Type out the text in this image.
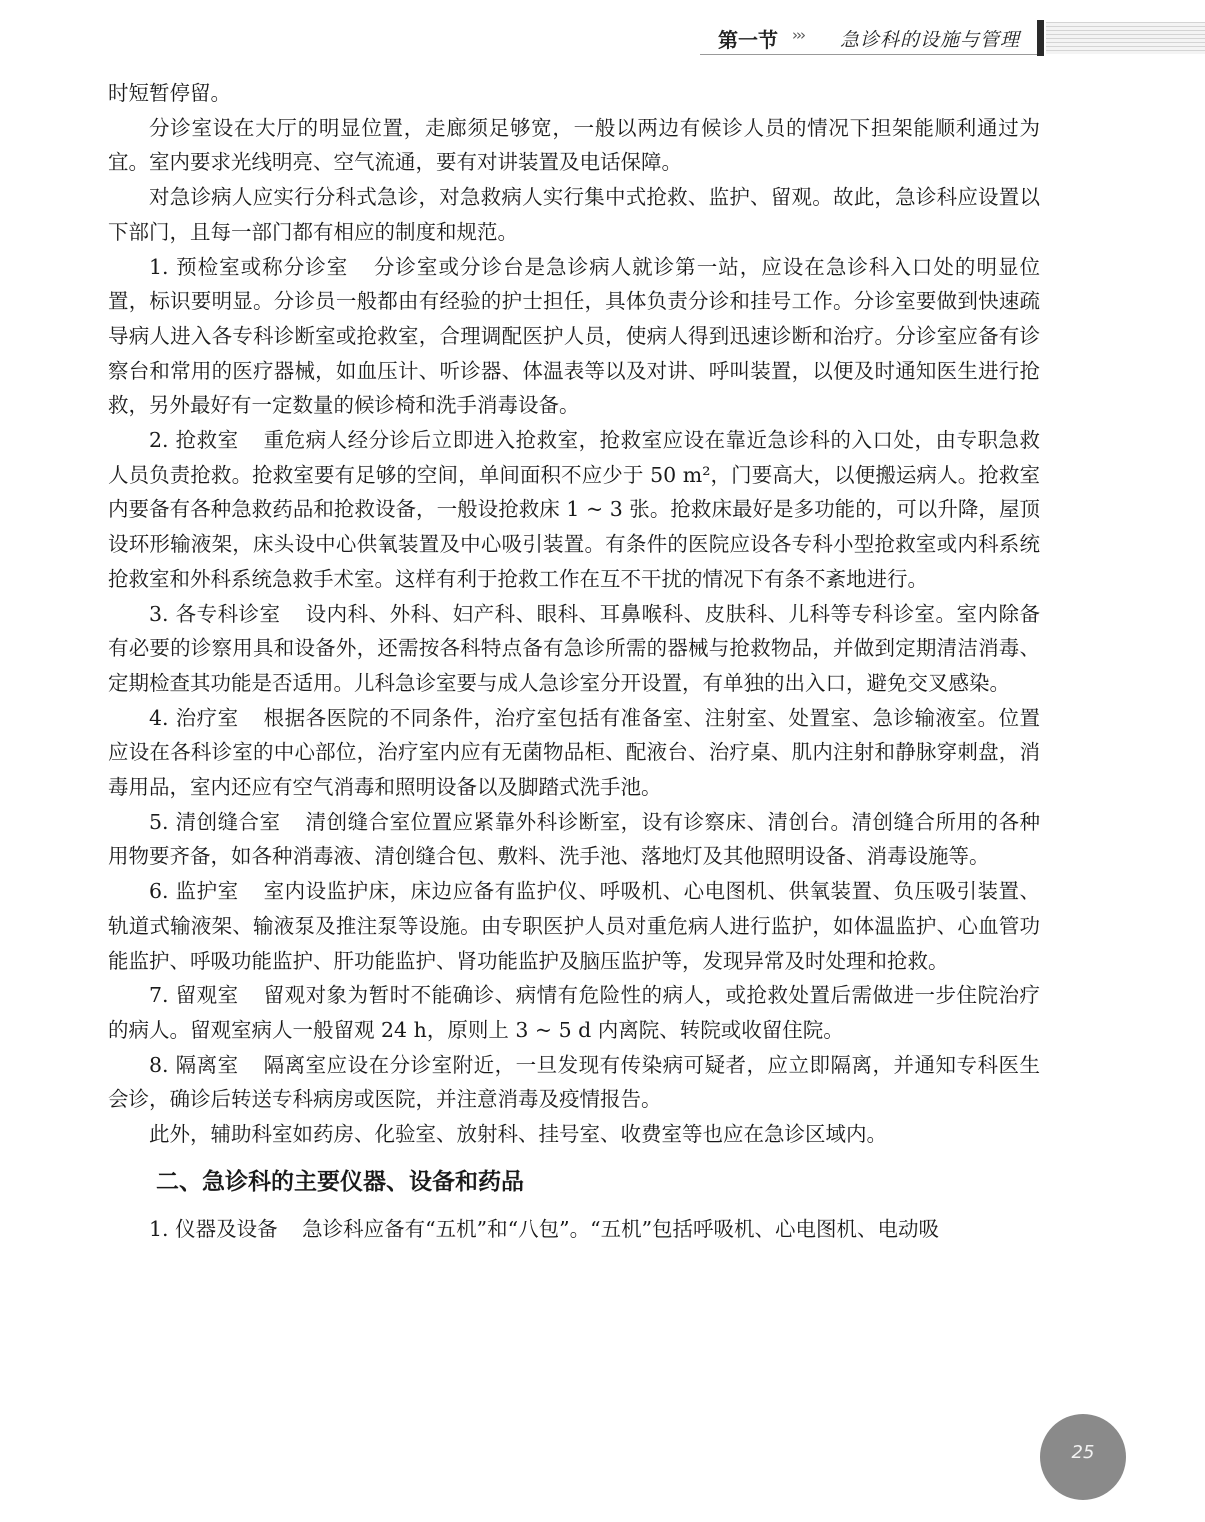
第一节 ››› 急诊科的设施与管理

时短暂停留。

分诊室设在大厅的明显位置，走廊须足够宽，一般以两边有候诊人员的情况下担架能顺利通过为宜。室内要求光线明亮、空气流通，要有对讲装置及电话保障。

对急诊病人应实行分科式急诊，对急救病人实行集中式抢救、监护、留观。故此，急诊科应设置以下部门，且每一部门都有相应的制度和规范。

1. 预检室或称分诊室 分诊室或分诊台是急诊病人就诊第一站，应设在急诊科入口处的明显位置，标识要明显。分诊员一般都由有经验的护士担任，具体负责分诊和挂号工作。分诊室要做到快速疏导病人进入各专科诊断室或抢救室，合理调配医护人员，使病人得到迅速诊断和治疗。分诊室应备有诊察台和常用的医疗器械，如血压计、听诊器、体温表等以及对讲、呼叫装置，以便及时通知医生进行抢救，另外最好有一定数量的候诊椅和洗手消毒设备。

2. 抢救室 重危病人经分诊后立即进入抢救室，抢救室应设在靠近急诊科的入口处，由专职急救人员负责抢救。抢救室要有足够的空间，单间面积不应少于 50 m²，门要高大，以便搬运病人。抢救室内要备有各种急救药品和抢救设备，一般设抢救床 1 ~ 3 张。抢救床最好是多功能的，可以升降，屋顶设环形输液架，床头设中心供氧装置及中心吸引装置。有条件的医院应设各专科小型抢救室或内科系统抢救室和外科系统急救手术室。这样有利于抢救工作在互不干扰的情况下有条不紊地进行。

3. 各专科诊室 设内科、外科、妇产科、眼科、耳鼻喉科、皮肤科、儿科等专科诊室。室内除备有必要的诊察用具和设备外，还需按各科特点备有急诊所需的器械与抢救物品，并做到定期清洁消毒、定期检查其功能是否适用。儿科急诊室要与成人急诊室分开设置，有单独的出入口，避免交叉感染。

4. 治疗室 根据各医院的不同条件，治疗室包括有准备室、注射室、处置室、急诊输液室。位置应设在各科诊室的中心部位，治疗室内应有无菌物品柜、配液台、治疗桌、肌内注射和静脉穿刺盘，消毒用品，室内还应有空气消毒和照明设备以及脚踏式洗手池。

5. 清创缝合室 清创缝合室位置应紧靠外科诊断室，设有诊察床、清创台。清创缝合所用的各种用物要齐备，如各种消毒液、清创缝合包、敷料、洗手池、落地灯及其他照明设备、消毒设施等。

6. 监护室 室内设监护床，床边应备有监护仪、呼吸机、心电图机、供氧装置、负压吸引装置、轨道式输液架、输液泵及推注泵等设施。由专职医护人员对重危病人进行监护，如体温监护、心血管功能监护、呼吸功能监护、肝功能监护、肾功能监护及脑压监护等，发现异常及时处理和抢救。

7. 留观室 留观对象为暂时不能确诊、病情有危险性的病人，或抢救处置后需做进一步住院治疗的病人。留观室病人一般留观 24 h，原则上 3 ~ 5 d 内离院、转院或收留住院。

8. 隔离室 隔离室应设在分诊室附近，一旦发现有传染病可疑者，应立即隔离，并通知专科医生会诊，确诊后转送专科病房或医院，并注意消毒及疫情报告。

此外，辅助科室如药房、化验室、放射科、挂号室、收费室等也应在急诊区域内。

二、急诊科的主要仪器、设备和药品

1. 仪器及设备 急诊科应备有“五机”和“八包”。“五机”包括呼吸机、心电图机、电动吸

25
